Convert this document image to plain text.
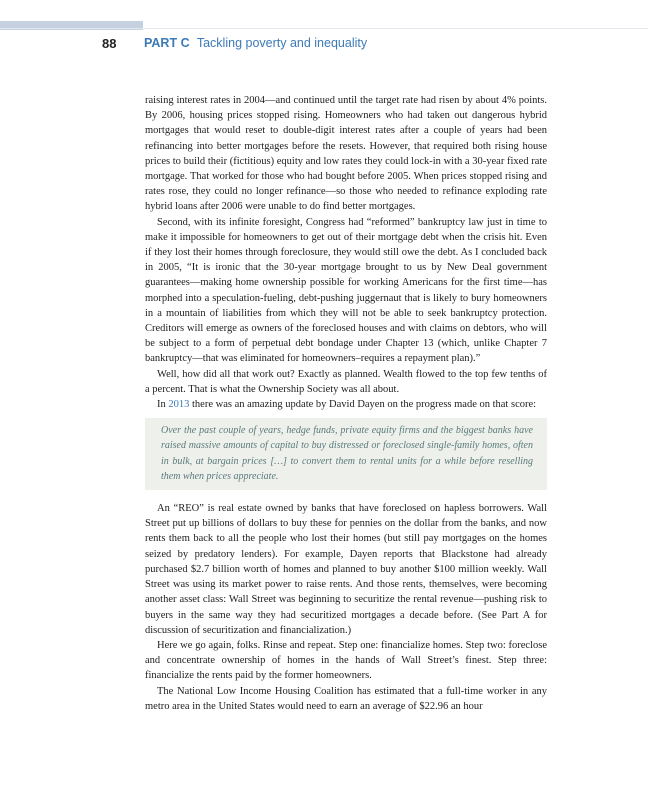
88 PART C Tackling poverty and inequality

raising interest rates in 2004—and continued until the target rate had risen by about 4% points. By 2006, housing prices stopped rising. Homeowners who had taken out dangerous hybrid mortgages that would reset to double-digit interest rates after a couple of years had been refinancing into better mortgages before the resets. However, that required both rising house prices to build their (fictitious) equity and low rates they could lock-in with a 30-year fixed rate mortgage. That worked for those who had bought before 2005. When prices stopped rising and rates rose, they could no longer refinance—so those who needed to refinance exploding rate hybrid loans after 2006 were unable to do find better mortgages.

Second, with its infinite foresight, Congress had “reformed” bankruptcy law just in time to make it impossible for homeowners to get out of their mortgage debt when the crisis hit. Even if they lost their homes through foreclosure, they would still owe the debt. As I concluded back in 2005, “It is ironic that the 30-year mortgage brought to us by New Deal government guarantees—making home ownership possible for working Americans for the first time—has morphed into a speculation-fueling, debt-pushing juggernaut that is likely to bury homeowners in a mountain of liabilities from which they will not be able to seek bankruptcy protection. Creditors will emerge as owners of the foreclosed houses and with claims on debtors, who will be subject to a form of perpetual debt bondage under Chapter 13 (which, unlike Chapter 7 bankruptcy—that was eliminated for homeowners–requires a repayment plan).”

Well, how did all that work out? Exactly as planned. Wealth flowed to the top few tenths of a percent. That is what the Ownership Society was all about.

In 2013 there was an amazing update by David Dayen on the progress made on that score:

Over the past couple of years, hedge funds, private equity firms and the biggest banks have raised massive amounts of capital to buy distressed or foreclosed single-family homes, often in bulk, at bargain prices […] to convert them to rental units for a while before reselling them when prices appreciate.

An “REO” is real estate owned by banks that have foreclosed on hapless borrowers. Wall Street put up billions of dollars to buy these for pennies on the dollar from the banks, and now rents them back to all the people who lost their homes (but still pay mortgages on the homes seized by predatory lenders). For example, Dayen reports that Blackstone had already purchased $2.7 billion worth of homes and planned to buy another $100 million weekly. Wall Street was using its market power to raise rents. And those rents, themselves, were becoming another asset class: Wall Street was beginning to securitize the rental revenue—pushing risk to buyers in the same way they had securitized mortgages a decade before. (See Part A for discussion of securitization and financialization.)

Here we go again, folks. Rinse and repeat. Step one: financialize homes. Step two: foreclose and concentrate ownership of homes in the hands of Wall Street’s finest. Step three: financialize the rents paid by the former homeowners.

The National Low Income Housing Coalition has estimated that a full-time worker in any metro area in the United States would need to earn an average of $22.96 an hour
